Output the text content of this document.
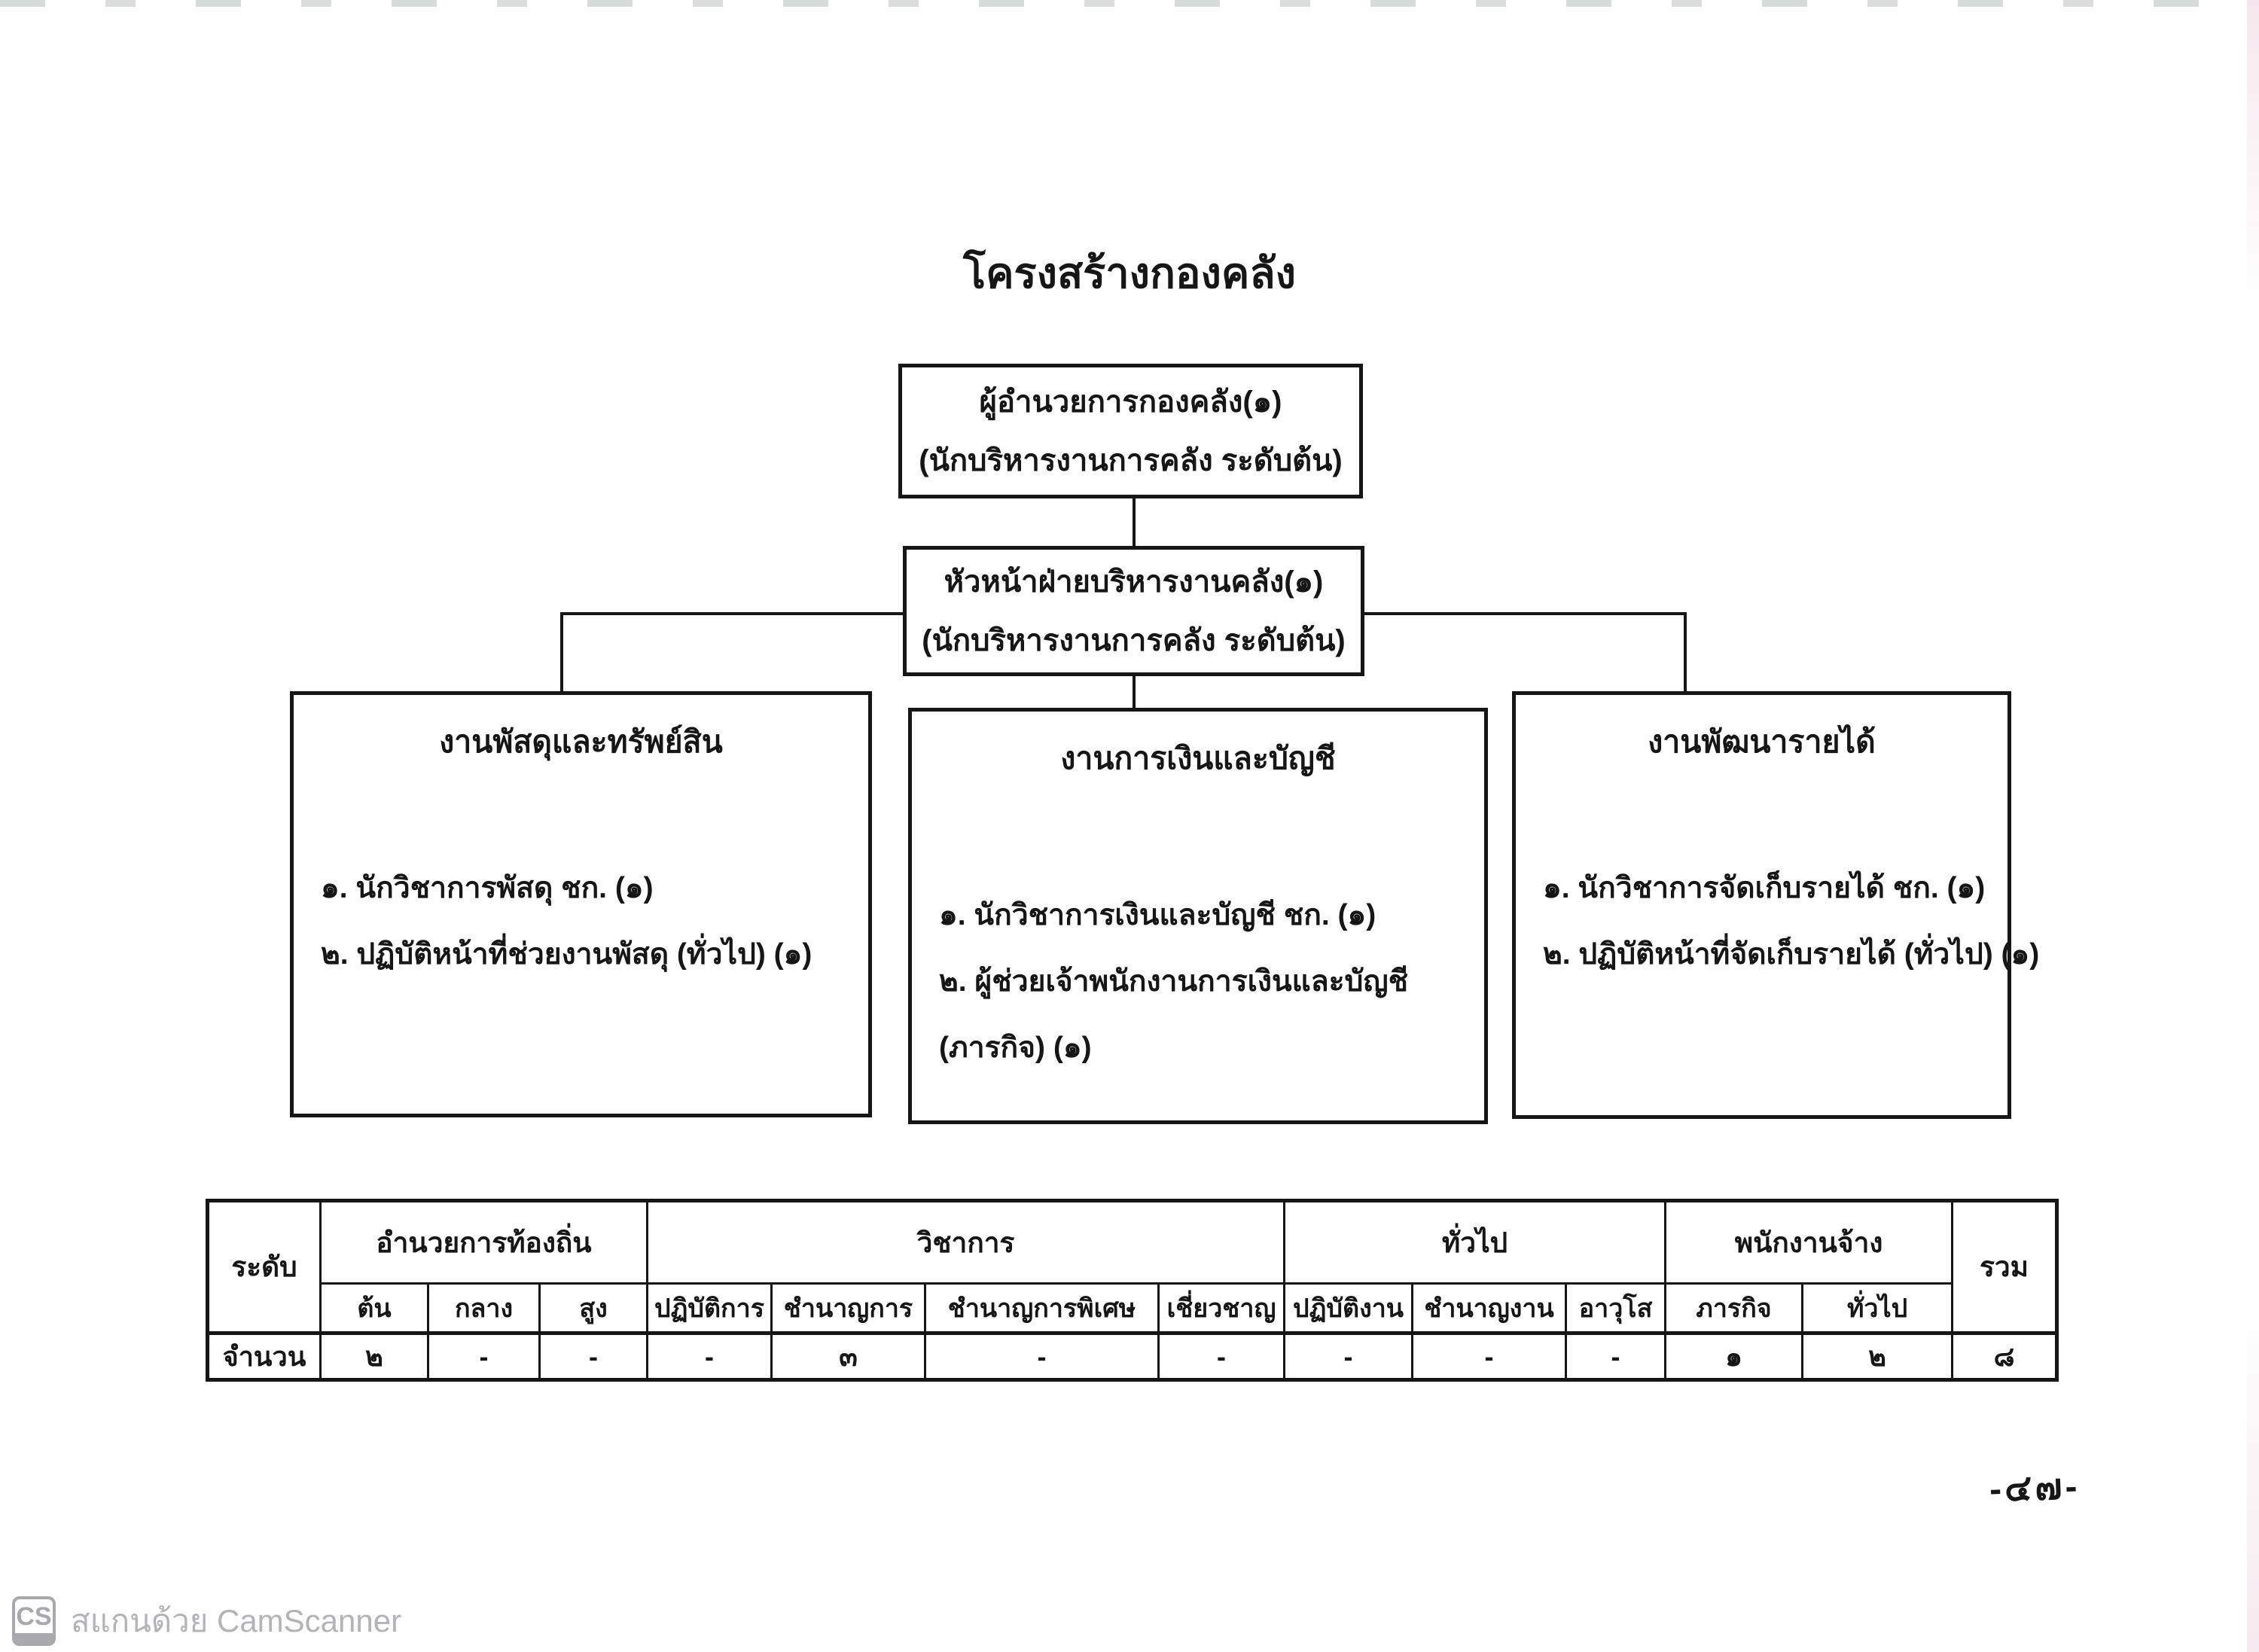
โครงสร้างกองคลัง
ผู้อำนวยการกองคลัง(๑)
(นักบริหารงานการคลัง ระดับต้น)
หัวหน้าฝ่ายบริหารงานคลัง(๑)
(นักบริหารงานการคลัง ระดับต้น)
งานพัสดุและทรัพย์สิน

๑. นักวิชาการพัสดุ ชก. (๑)

๒. ปฏิบัติหน้าที่ช่วยงานพัสดุ (ทั่วไป) (๑)

งานการเงินและบัญชี

๑. นักวิชาการเงินและบัญชี ชก. (๑)

๒. ผู้ช่วยเจ้าพนักงานการเงินและบัญชี

(ภารกิจ) (๑)

งานพัฒนารายได้

๑. นักวิชาการจัดเก็บรายได้ ชก. (๑)

๒. ปฏิบัติหน้าที่จัดเก็บรายได้ (ทั่วไป) (๑)

ระดับ	อำนวยการท้องถิ่น			วิชาการ				ทั่วไป			พนักงานจ้าง		รวม
	ต้น	กลาง	สูง	ปฏิบัติการ	ชำนาญการ	ชำนาญการพิเศษ	เชี่ยวชาญ	ปฏิบัติงาน	ชำนาญงาน	อาวุโส	ภารกิจ	ทั่วไป	
จำนวน	๒	-	-	-	๓	-	-	-	-	-	๑	๒	๘
-๔๗-
CS สแกนด้วย CamScanner
